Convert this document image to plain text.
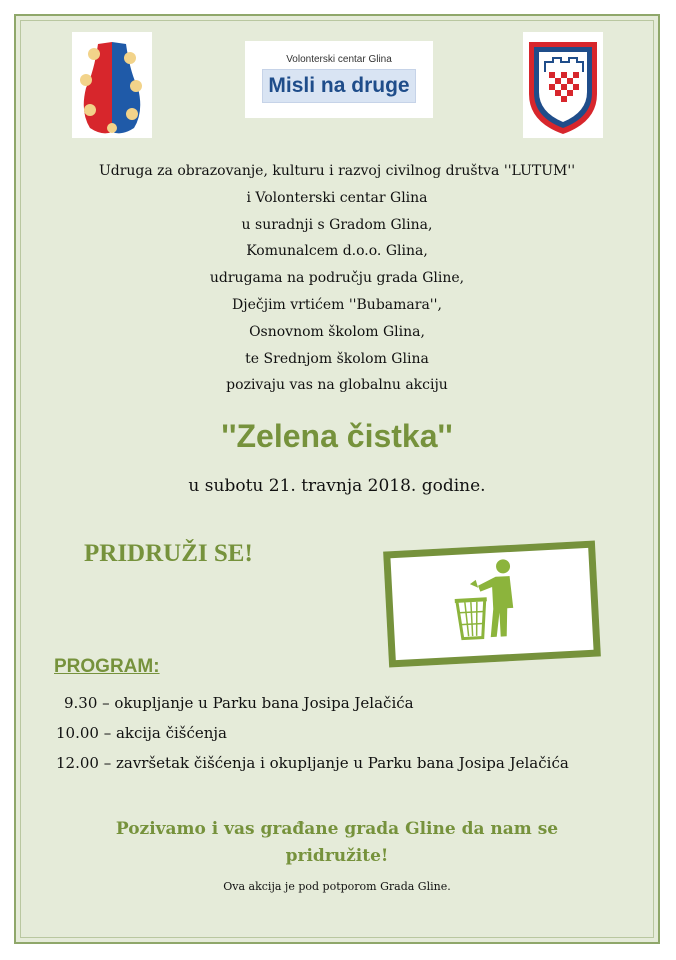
Volonterski centar Glina
Misli na druge
Udruga za obrazovanje, kulturu i razvoj civilnog društva ''LUTUM''
i Volonterski centar Glina
u suradnji s Gradom Glina,
Komunalcem d.o.o. Glina,
udrugama na području grada Gline,
Dječjim vrtićem ''Bubamara'',
Osnovnom školom Glina,
te Srednjom školom Glina
pozivaju vas na globalnu akciju
''Zelena čistka''
u subotu 21. travnja 2018. godine.
PRIDRUŽI SE!
PROGRAM:
9.30 – okupljanje u Parku bana Josipa Jelačića
10.00 – akcija čišćenja
12.00 – završetak čišćenja i okupljanje u Parku bana Josipa Jelačića
Pozivamo i vas građane grada Gline da nam se
pridružite!
Ova akcija je pod potporom Grada Gline.
